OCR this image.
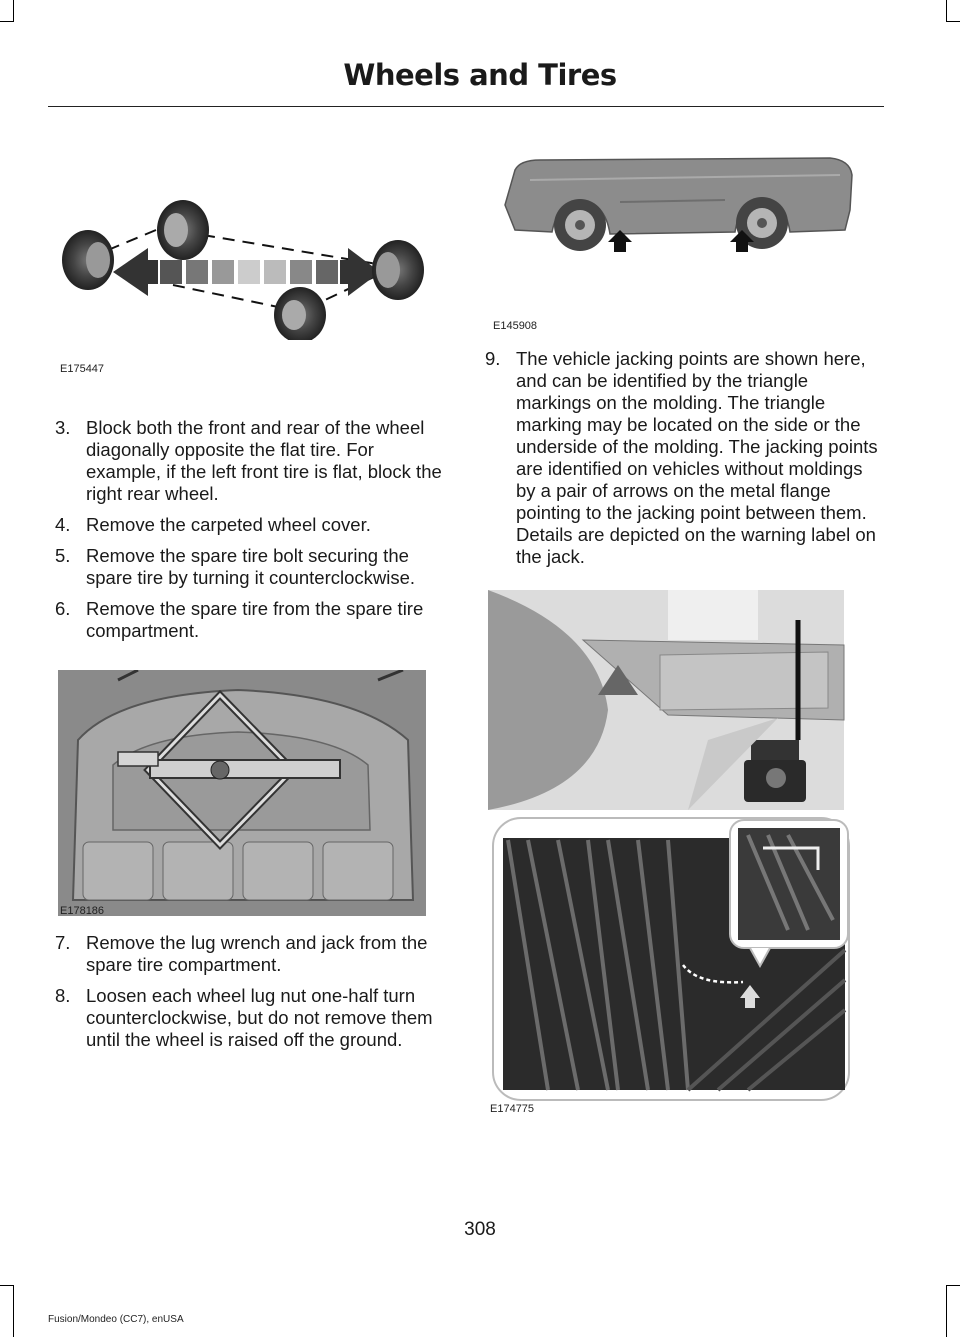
Wheels and Tires
E175447
3. Block both the front and rear of the wheel diagonally opposite the flat tire. For example, if the left front tire is flat, block the right rear wheel.
4. Remove the carpeted wheel cover.
5. Remove the spare tire bolt securing the spare tire by turning it counterclockwise.
6. Remove the spare tire from the spare tire compartment.
E178186
7. Remove the lug wrench and jack from the spare tire compartment.
8. Loosen each wheel lug nut one-half turn counterclockwise, but do not remove them until the wheel is raised off the ground.
E145908
9. The vehicle jacking points are shown here, and can be identified by the triangle markings on the molding. The triangle marking may be located on the side or the underside of the molding. The jacking points are identified on vehicles without moldings by a pair of arrows on the metal flange pointing to the jacking point between them. Details are depicted on the warning label on the jack.
E174775
308
Fusion/Mondeo (CC7), enUSA
